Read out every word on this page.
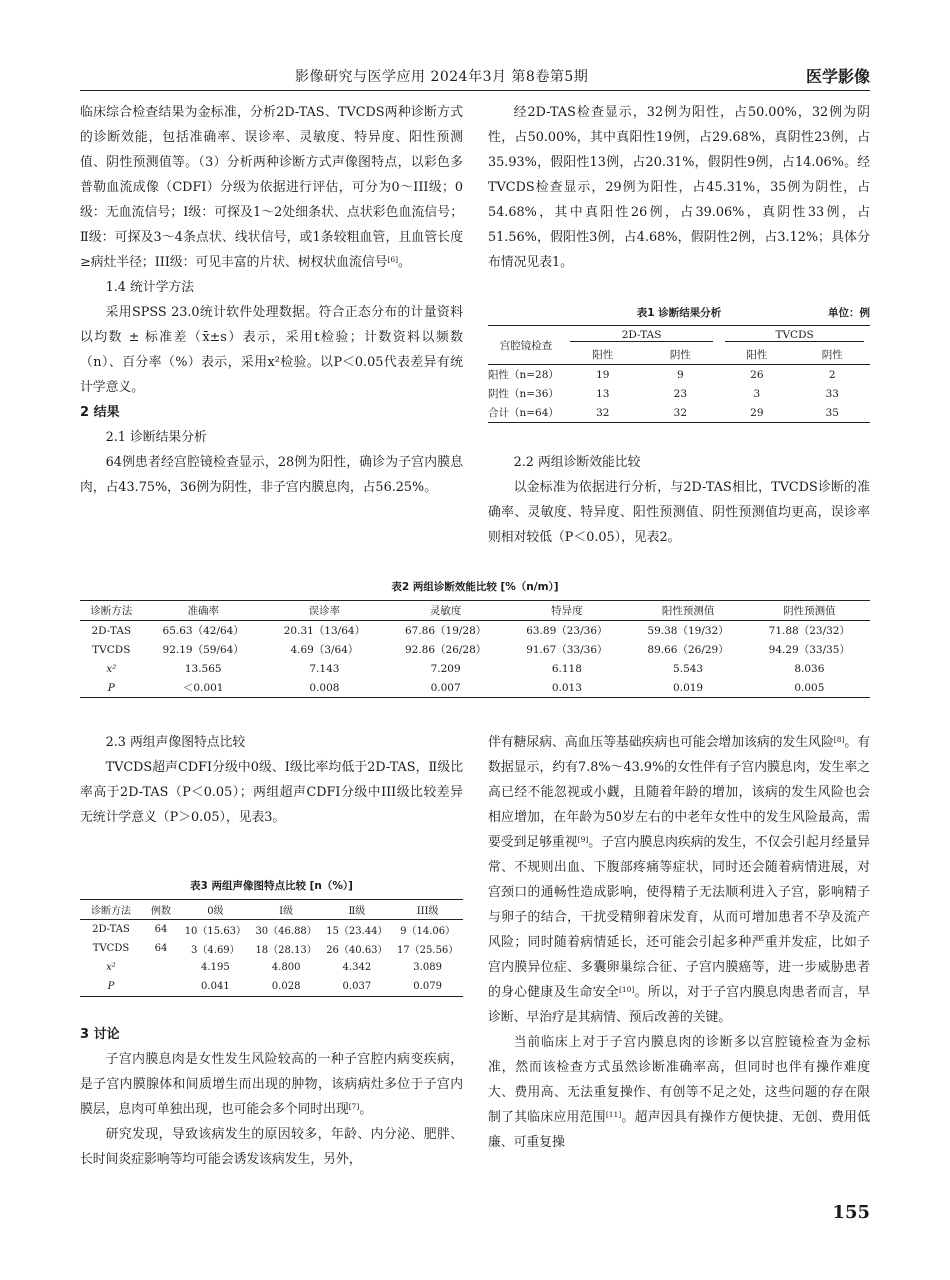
影像研究与医学应用 2024年3月 第8卷第5期	医学影像

临床综合检查结果为金标准，分析2D-TAS、TVCDS两种诊断方式的诊断效能，包括准确率、误诊率、灵敏度、特异度、阳性预测值、阴性预测值等。（3）分析两种诊断方式声像图特点，以彩色多普勒血流成像（CDFI）分级为依据进行评估，可分为0～III级；0级：无血流信号；Ⅰ级：可探及1～2处细条状、点状彩色血流信号；Ⅱ级：可探及3～4条点状、线状信号，或1条较粗血管，且血管长度≥病灶半径；III级：可见丰富的片状、树杈状血流信号[6]。

1.4 统计学方法

采用SPSS 23.0统计软件处理数据。符合正态分布的计量资料以均数 ± 标准差（x̄±s）表示，采用t检验；计数资料以频数（n）、百分率（%）表示，采用x²检验。以P＜0.05代表差异有统计学意义。

2 结果

2.1 诊断结果分析

64例患者经宫腔镜检查显示，28例为阳性，确诊为子宫内膜息肉，占43.75%，36例为阴性，非子宫内膜息肉，占56.25%。

经2D-TAS检查显示，32例为阳性，占50.00%，32例为阴性，占50.00%，其中真阳性19例，占29.68%，真阴性23例，占35.93%，假阳性13例，占20.31%，假阴性9例，占14.06%。经TVCDS检查显示，29例为阳性，占45.31%，35例为阴性，占54.68%，其中真阳性26例，占39.06%，真阴性33例，占51.56%，假阳性3例，占4.68%，假阴性2例，占3.12%；具体分布情况见表1。

表1 诊断结果分析	单位：例
宫腔镜检查	2D-TAS		TVCDS	

	阳性	阴性	阳性	阴性
阳性（n=28）	19	9	26	2
阴性（n=36）	13	23	3	33
合计（n=64）	32	32	29	35

2.2 两组诊断效能比较

以金标准为依据进行分析，与2D-TAS相比，TVCDS诊断的准确率、灵敏度、特异度、阳性预测值、阴性预测值均更高，误诊率则相对较低（P＜0.05），见表2。

表2 两组诊断效能比较 [%（n/m）]
诊断方法	准确率	误诊率	灵敏度	特异度	阳性预测值	阴性预测值
2D-TAS	65.63（42/64）	20.31（13/64）	67.86（19/28）	63.89（23/36）	59.38（19/32）	71.88（23/32）
TVCDS	92.19（59/64）	4.69（3/64）	92.86（26/28）	91.67（33/36）	89.66（26/29）	94.29（33/35）
x²	13.565	7.143	7.209	6.118	5.543	8.036
P	＜0.001	0.008	0.007	0.013	0.019	0.005

2.3 两组声像图特点比较

TVCDS超声CDFI分级中0级、Ⅰ级比率均低于2D-TAS，Ⅱ级比率高于2D-TAS（P＜0.05）；两组超声CDFI分级中III级比较差异无统计学意义（P＞0.05），见表3。

表3 两组声像图特点比较 [n（%）]
诊断方法	例数	0级	Ⅰ级	Ⅱ级	III级
2D-TAS	64	10（15.63）	30（46.88）	15（23.44）	9（14.06）
TVCDS	64	3（4.69）	18（28.13）	26（40.63）	17（25.56）
x²		4.195	4.800	4.342	3.089
P		0.041	0.028	0.037	0.079

3 讨论

子宫内膜息肉是女性发生风险较高的一种子宫腔内病变疾病，是子宫内膜腺体和间质增生而出现的肿物，该病病灶多位于子宫内膜层，息肉可单独出现，也可能会多个同时出现[7]。

研究发现，导致该病发生的原因较多，年龄、内分泌、肥胖、长时间炎症影响等均可能会诱发该病发生，另外，

伴有糖尿病、高血压等基础疾病也可能会增加该病的发生风险[8]。有数据显示，约有7.8%～43.9%的女性伴有子宫内膜息肉，发生率之高已经不能忽视或小觑，且随着年龄的增加，该病的发生风险也会相应增加，在年龄为50岁左右的中老年女性中的发生风险最高，需要受到足够重视[9]。子宫内膜息肉疾病的发生，不仅会引起月经量异常、不规则出血、下腹部疼痛等症状，同时还会随着病情进展，对宫颈口的通畅性造成影响，使得精子无法顺利进入子宫，影响精子与卵子的结合，干扰受精卵着床发育，从而可增加患者不孕及流产风险；同时随着病情延长，还可能会引起多种严重并发症，比如子宫内膜异位症、多囊卵巢综合征、子宫内膜癌等，进一步威胁患者的身心健康及生命安全[10]。所以，对于子宫内膜息肉患者而言，早诊断、早治疗是其病情、预后改善的关键。

当前临床上对于子宫内膜息肉的诊断多以宫腔镜检查为金标准，然而该检查方式虽然诊断准确率高，但同时也伴有操作难度大、费用高、无法重复操作、有创等不足之处，这些问题的存在限制了其临床应用范围[11]。超声因具有操作方便快捷、无创、费用低廉、可重复操

155
